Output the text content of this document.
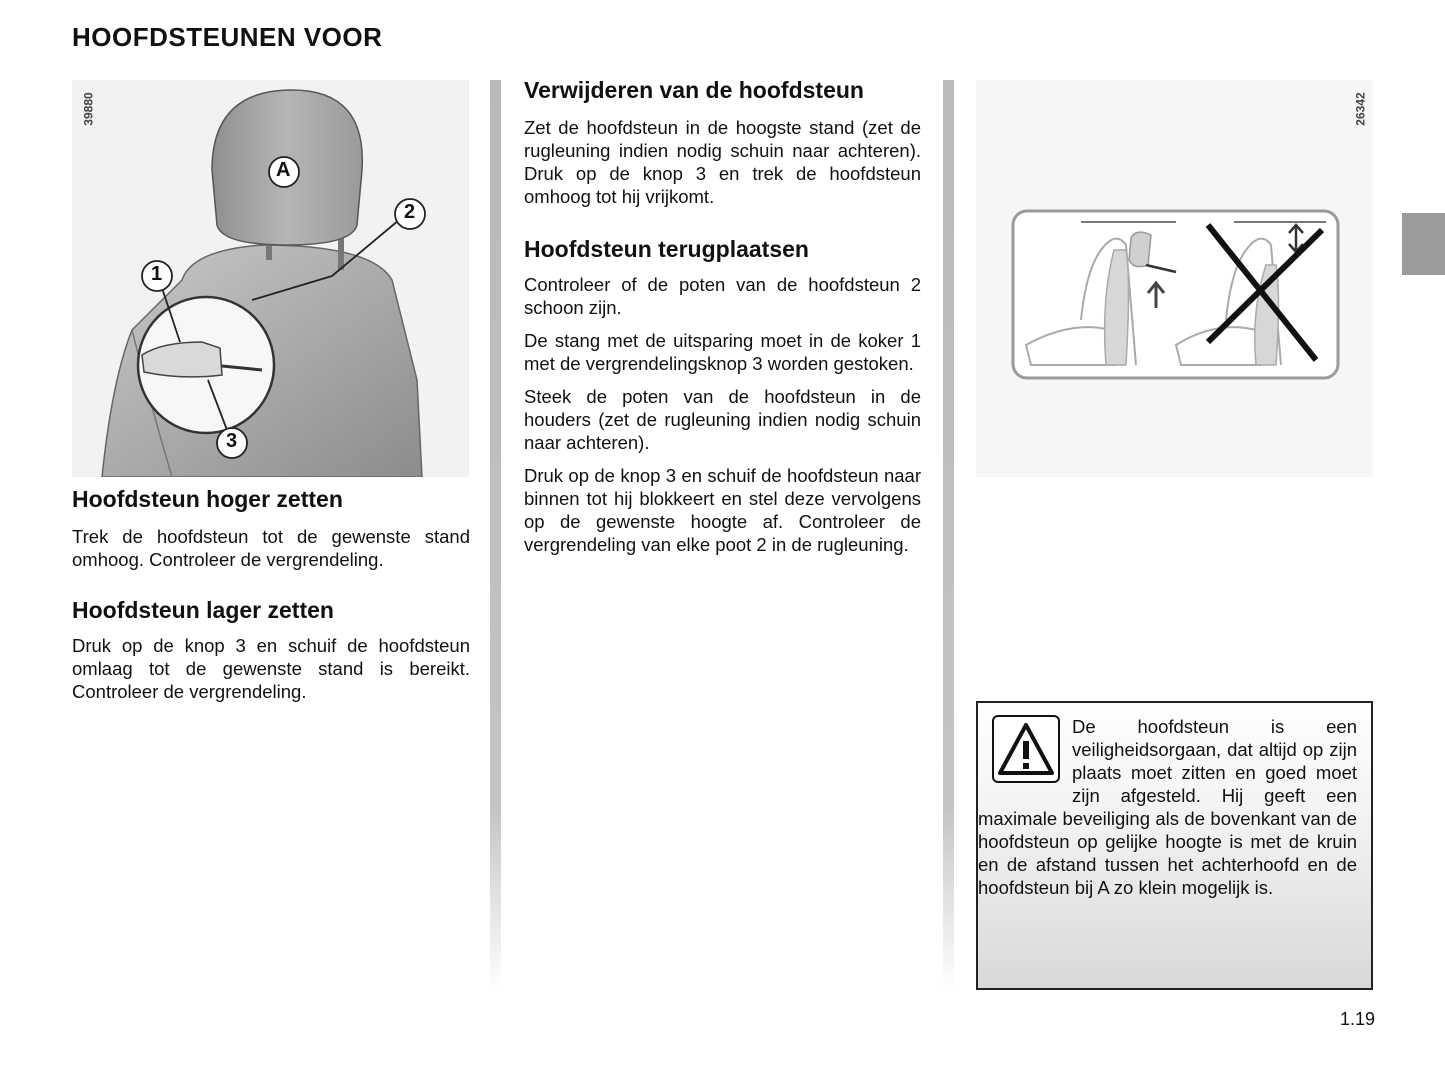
HOOFDSTEUNEN VOOR
A
2
1
3
39880
Hoofdsteun hoger zetten

Trek de hoofdsteun tot de gewenste stand omhoog. Controleer de vergrendeling.

Hoofdsteun lager zetten

Druk op de knop 3 en schuif de hoofdsteun omlaag tot de gewenste stand is bereikt. Controleer de vergrendeling.

Verwijderen van de hoofdsteun

Zet de hoofdsteun in de hoogste stand (zet de rugleuning indien nodig schuin naar achteren). Druk op de knop 3 en trek de hoofdsteun omhoog tot hij vrijkomt.

Hoofdsteun terugplaatsen

Controleer of de poten van de hoofdsteun 2 schoon zijn.

De stang met de uitsparing moet in de koker 1 met de vergrendelingsknop 3 worden gestoken.

Steek de poten van de hoofdsteun in de houders (zet de rugleuning indien nodig schuin naar achteren).

Druk op de knop 3 en schuif de hoofdsteun naar binnen tot hij blokkeert en stel deze vervolgens op de gewenste hoogte af. Controleer de vergrendeling van elke poot 2 in de rugleuning.

26342

De hoofdsteun is een veiligheidsorgaan, dat altijd op zijn plaats moet zitten en goed moet zijn afgesteld. Hij geeft een maximale beveiliging als de bovenkant van de hoofdsteun op gelijke hoogte is met de kruin en de afstand tussen het achterhoofd en de hoofdsteun bij A zo klein mogelijk is.

1.19
